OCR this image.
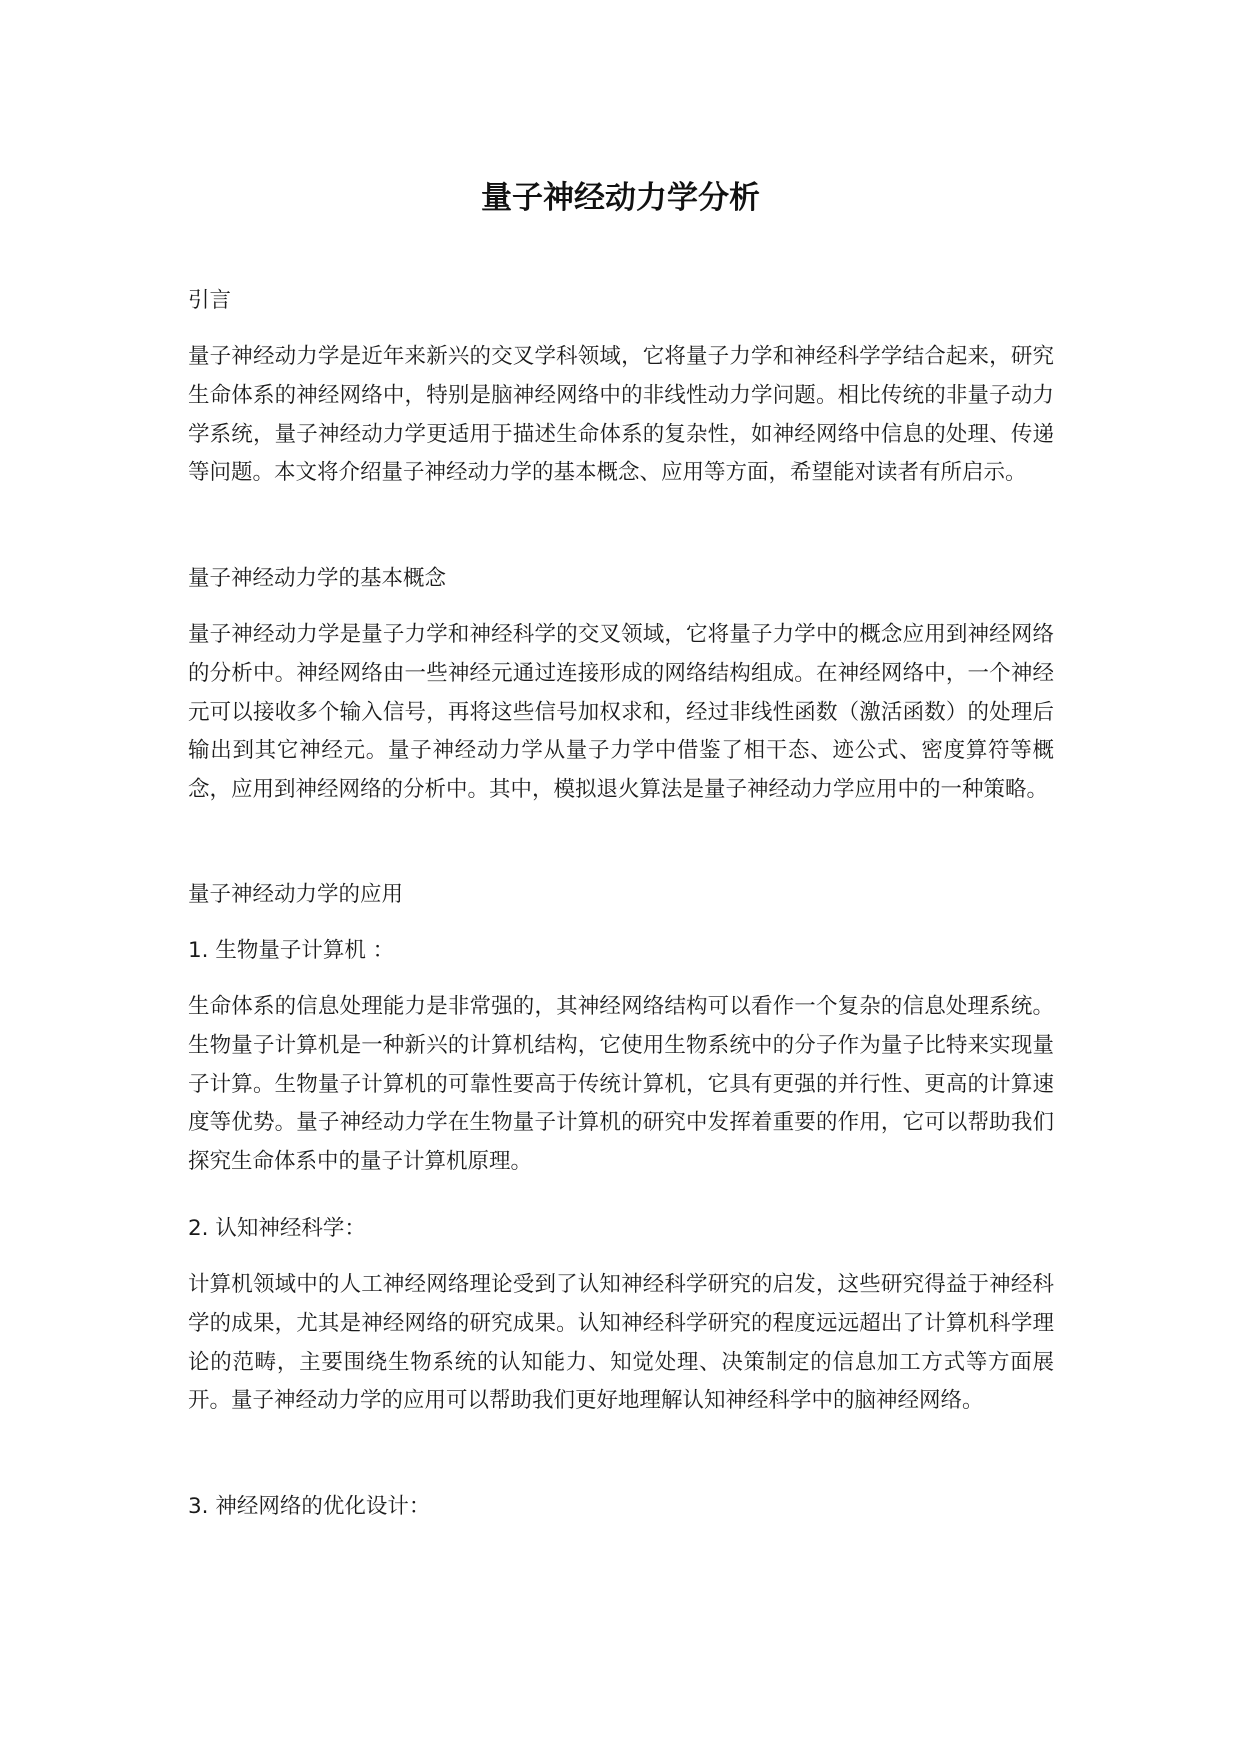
量子神经动力学分析

引言

量子神经动力学是近年来新兴的交叉学科领域，它将量子力学和神经科学学结合起来，研究生命体系的神经网络中，特别是脑神经网络中的非线性动力学问题。相比传统的非量子动力学系统，量子神经动力学更适用于描述生命体系的复杂性，如神经网络中信息的处理、传递等问题。本文将介绍量子神经动力学的基本概念、应用等方面，希望能对读者有所启示。

量子神经动力学的基本概念

量子神经动力学是量子力学和神经科学的交叉领域，它将量子力学中的概念应用到神经网络的分析中。神经网络由一些神经元通过连接形成的网络结构组成。在神经网络中，一个神经元可以接收多个输入信号，再将这些信号加权求和，经过非线性函数（激活函数）的处理后输出到其它神经元。量子神经动力学从量子力学中借鉴了相干态、迹公式、密度算符等概念，应用到神经网络的分析中。其中，模拟退火算法是量子神经动力学应用中的一种策略。

量子神经动力学的应用

1. 生物量子计算机 ：

生命体系的信息处理能力是非常强的，其神经网络结构可以看作一个复杂的信息处理系统。生物量子计算机是一种新兴的计算机结构，它使用生物系统中的分子作为量子比特来实现量子计算。生物量子计算机的可靠性要高于传统计算机，它具有更强的并行性、更高的计算速度等优势。量子神经动力学在生物量子计算机的研究中发挥着重要的作用，它可以帮助我们探究生命体系中的量子计算机原理。

2. 认知神经科学：

计算机领域中的人工神经网络理论受到了认知神经科学研究的启发，这些研究得益于神经科学的成果，尤其是神经网络的研究成果。认知神经科学研究的程度远远超出了计算机科学理论的范畴，主要围绕生物系统的认知能力、知觉处理、决策制定的信息加工方式等方面展开。量子神经动力学的应用可以帮助我们更好地理解认知神经科学中的脑神经网络。

3. 神经网络的优化设计：
